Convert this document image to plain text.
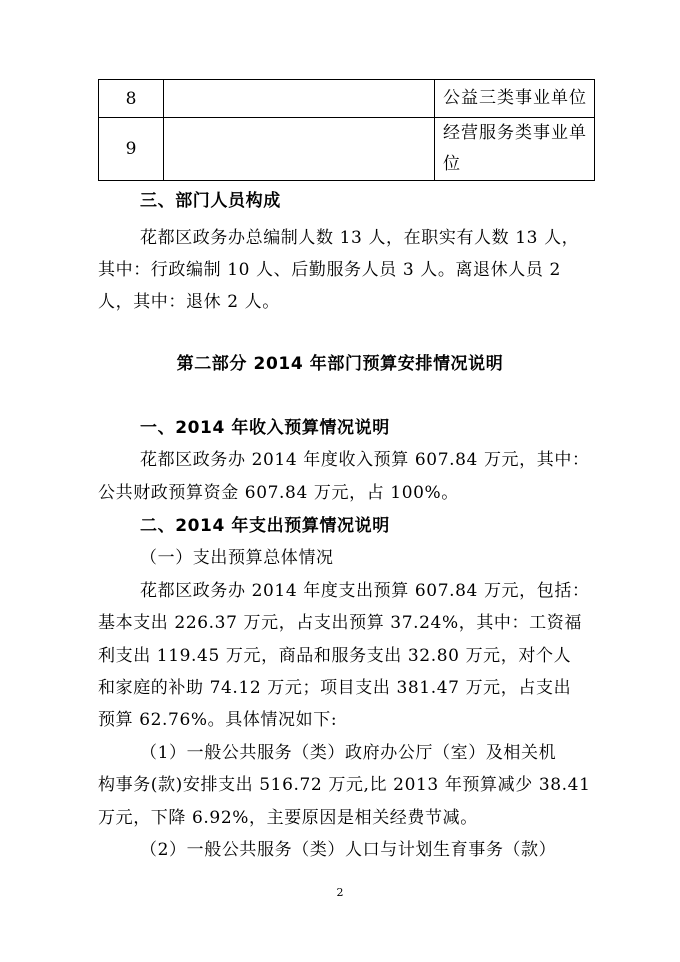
8		公益三类事业单位
9		经营服务类事业单
位
三、部门人员构成
花都区政务办总编制人数 13 人，在职实有人数 13 人，
其中：行政编制 10 人、后勤服务人员 3 人。离退休人员 2
人，其中：退休 2 人。
第二部分 2014 年部门预算安排情况说明
一、2014 年收入预算情况说明
花都区政务办 2014 年度收入预算 607.84 万元，其中：
公共财政预算资金 607.84 万元，占 100%。
二、2014 年支出预算情况说明
（一）支出预算总体情况
花都区政务办 2014 年度支出预算 607.84 万元，包括：
基本支出 226.37 万元，占支出预算 37.24%，其中：工资福
利支出 119.45 万元，商品和服务支出 32.80 万元，对个人
和家庭的补助 74.12 万元；项目支出 381.47 万元，占支出
预算 62.76%。具体情况如下:
（1）一般公共服务（类）政府办公厅（室）及相关机
构事务(款)安排支出 516.72 万元,比 2013 年预算减少 38.41
万元，下降 6.92%，主要原因是相关经费节减。
（2）一般公共服务（类）人口与计划生育事务（款）
2
